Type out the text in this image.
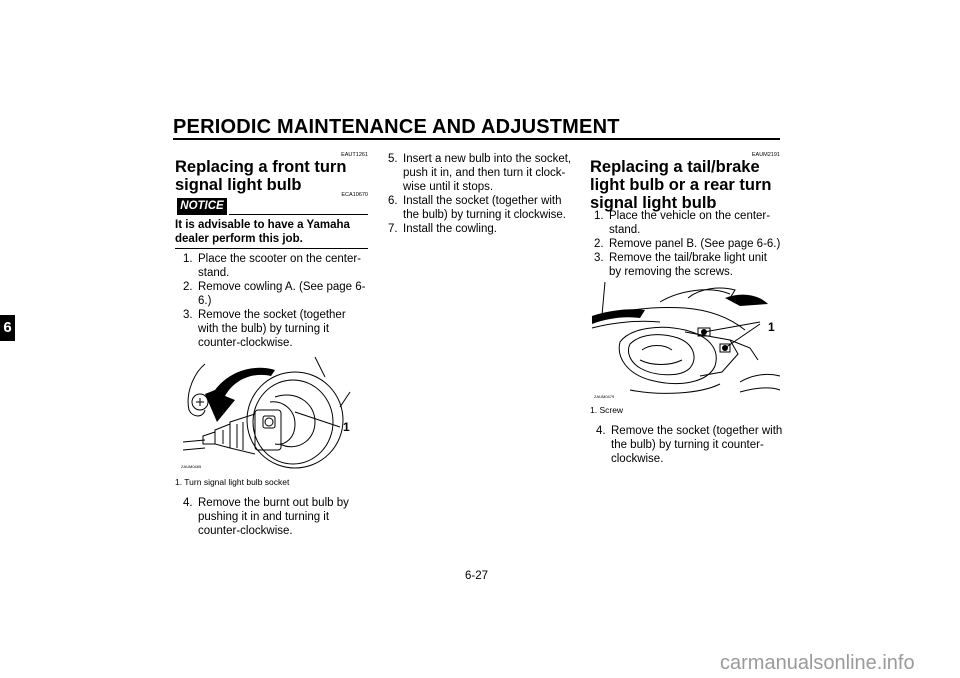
PERIODIC MAINTENANCE AND ADJUSTMENT
6
EAUT1261
Replacing a front turn signal light bulb
ECA10670
NOTICE
It is advisable to have a Yamaha dealer perform this job.
1. Place the scooter on the center-stand.
2. Remove cowling A. (See page 6-6.)
3. Remove the socket (together with the bulb) by turning it counter-clockwise.
1
ZAUM0465
1. Turn signal light bulb socket
4. Remove the burnt out bulb by pushing it in and turning it counter-clockwise.
5. Insert a new bulb into the socket, push it in, and then turn it clock-wise until it stops.
6. Install the socket (together with the bulb) by turning it clockwise.
7. Install the cowling.
EAUM2191
Replacing a tail/brake light bulb or a rear turn signal light bulb
1. Place the vehicle on the center-stand.
2. Remove panel B. (See page 6-6.)
3. Remove the tail/brake light unit by removing the screws.
1
ZAUM0479
1. Screw
4. Remove the socket (together with the bulb) by turning it counter-clockwise.
6-27
carmanualsonline.info
